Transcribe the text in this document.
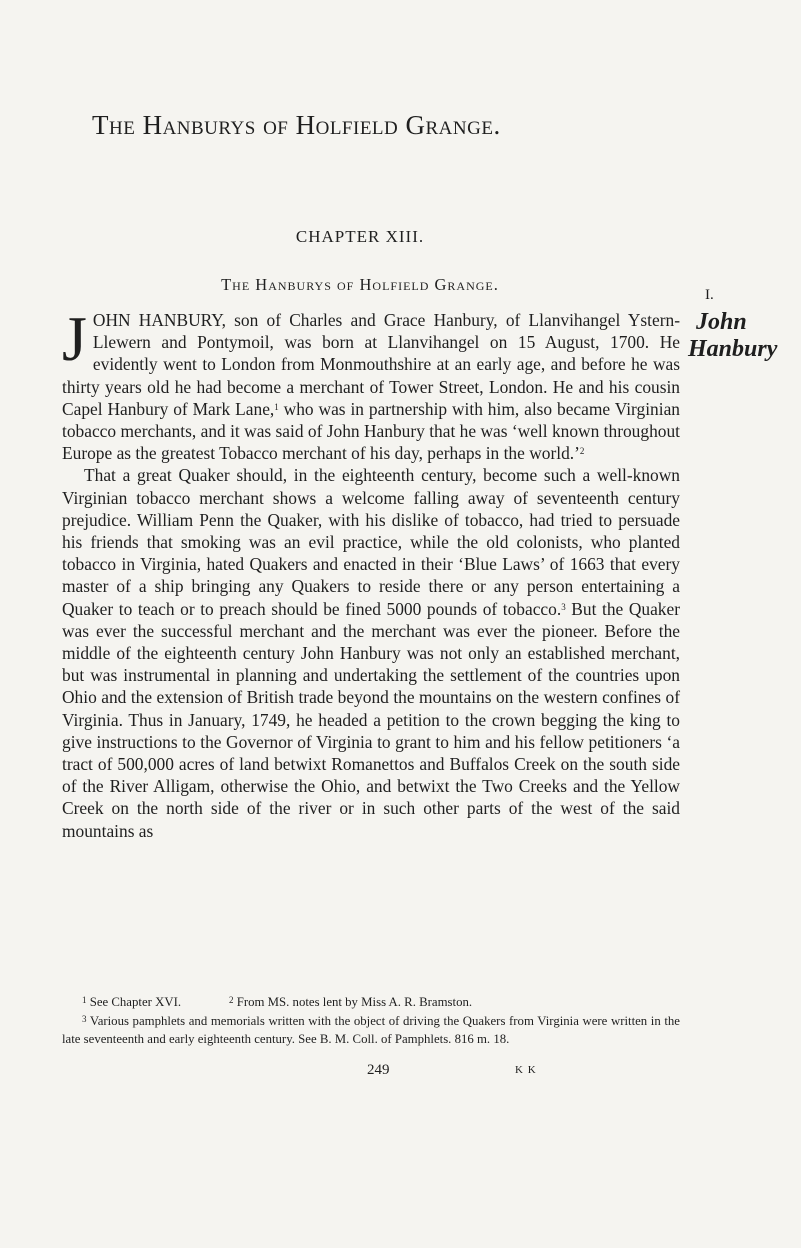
The Hanburys of Holfield Grange.
CHAPTER XIII.
The Hanburys of Holfield Grange.
I.
John
Hanbury

JOHN HANBURY, son of Charles and Grace Hanbury, of Llanvihangel Ystern-Llewern and Pontymoil, was born at Llanvihangel on 15 August, 1700. He evidently went to London from Monmouthshire at an early age, and before he was thirty years old he had become a merchant of Tower Street, London. He and his cousin Capel Hanbury of Mark Lane,$^1$ who was in partnership with him, also became Virginian tobacco merchants, and it was said of John Hanbury that he was ‘well known throughout Europe as the greatest Tobacco merchant of his day, perhaps in the world.’$^2$

That a great Quaker should, in the eighteenth century, become such a well-known Virginian tobacco merchant shows a welcome falling away of seventeenth century prejudice. William Penn the Quaker, with his dislike of tobacco, had tried to persuade his friends that smoking was an evil practice, while the old colonists, who planted tobacco in Virginia, hated Quakers and enacted in their ‘Blue Laws’ of 1663 that every master of a ship bringing any Quakers to reside there or any person entertaining a Quaker to teach or to preach should be fined 5000 pounds of tobacco.$^3$ But the Quaker was ever the successful merchant and the merchant was ever the pioneer. Before the middle of the eighteenth century John Hanbury was not only an established merchant, but was instrumental in planning and undertaking the settlement of the countries upon Ohio and the extension of British trade beyond the mountains on the western confines of Virginia. Thus in January, 1749, he headed a petition to the crown begging the king to give instructions to the Governor of Virginia to grant to him and his fellow petitioners ‘a tract of 500,000 acres of land betwixt Romanettos and Buffalos Creek on the south side of the River Alligam, otherwise the Ohio, and betwixt the Two Creeks and the Yellow Creek on the north side of the river or in such other parts of the west of the said mountains as

$^1$ See Chapter XVI.	$^2$ From MS. notes lent by Miss A. R. Bramston.

$^3$ Various pamphlets and memorials written with the object of driving the Quakers from Virginia were written in the late seventeenth and early eighteenth century. See B. M. Coll. of Pamphlets. 816 m. 18.

249	K K
